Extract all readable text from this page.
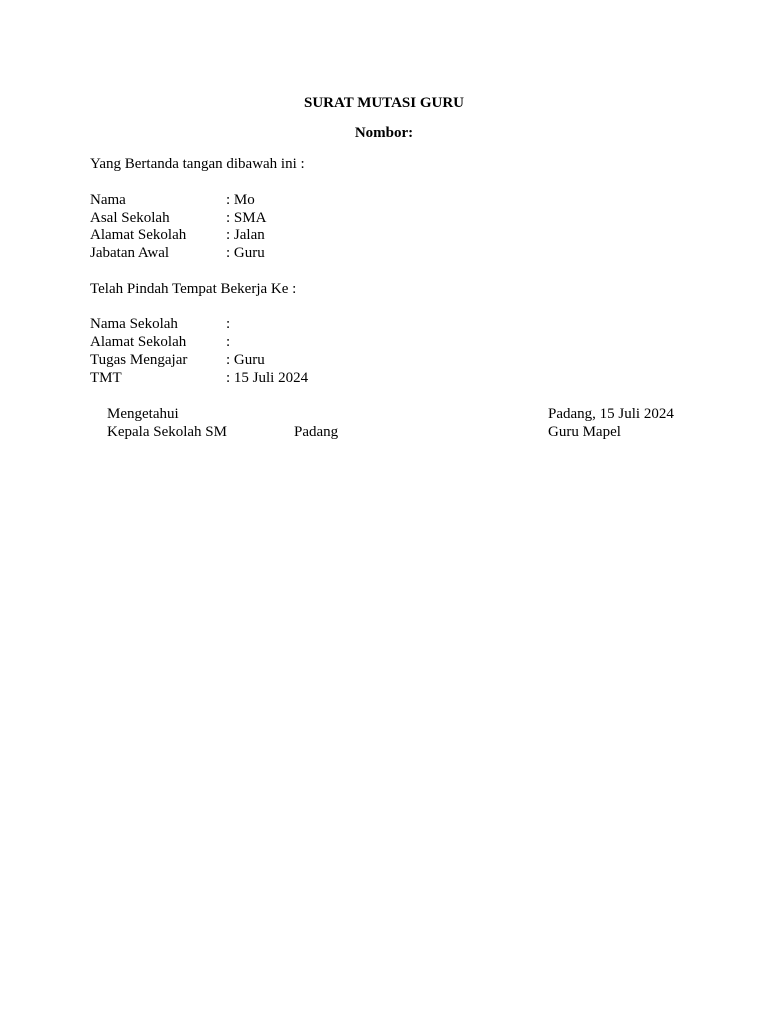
SURAT MUTASI GURU
Nombor:
Yang Bertanda tangan dibawah ini :
Nama	: Mo
Asal Sekolah	: SMA
Alamat Sekolah	: Jalan
Jabatan Awal	: Guru
Telah Pindah Tempat Bekerja Ke :
Nama Sekolah	:
Alamat Sekolah	:
Tugas Mengajar	: Guru
TMT	: 15 Juli 2024
Mengetahui
Kepala Sekolah SM	Padang
Padang, 15 Juli 2024
Guru Mapel
